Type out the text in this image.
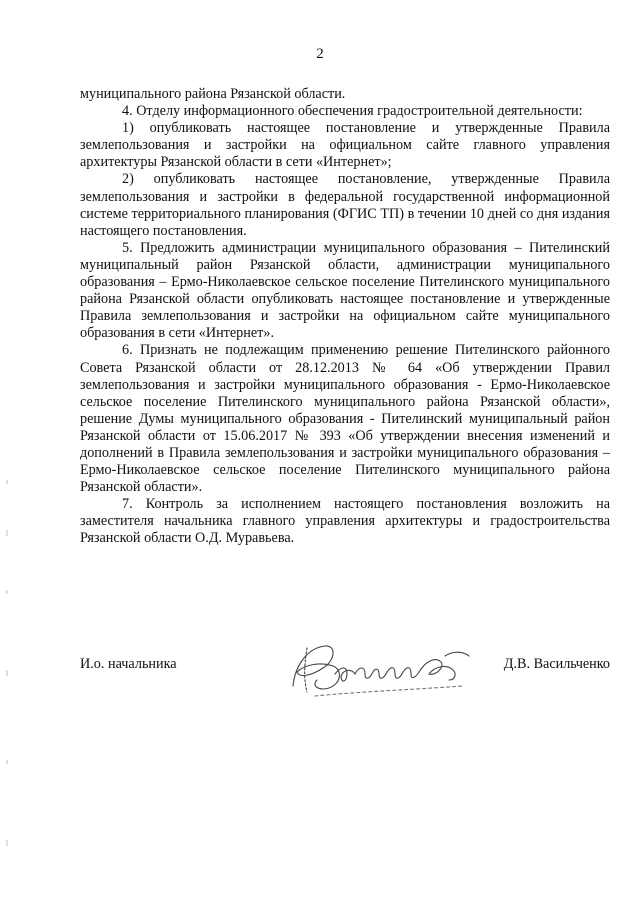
2

муниципального района Рязанской области.

4. Отделу информационного обеспечения градостроительной деятельности:

1) опубликовать настоящее постановление и утвержденные Правила землепользования и застройки на официальном сайте главного управления архитектуры Рязанской области в сети «Интернет»;

2) опубликовать настоящее постановление, утвержденные Правила землепользования и застройки в федеральной государственной информационной системе территориального планирования (ФГИС ТП) в течении 10 дней со дня издания настоящего постановления.

5. Предложить администрации муниципального образования – Пителинский муниципальный район Рязанской области, администрации муниципального образования – Ермо-Николаевское сельское поселение Пителинского муниципального района Рязанской области опубликовать настоящее постановление и утвержденные Правила землепользования и застройки на официальном сайте муниципального образования в сети «Интернет».

6. Признать не подлежащим применению решение Пителинского районного Совета Рязанской области от 28.12.2013 № 64 «Об утверждении Правил землепользования и застройки муниципального образования - Ермо-Николаевское сельское поселение Пителинского муниципального района Рязанской области», решение Думы муниципального образования - Пителинский муниципальный район Рязанской области от 15.06.2017 № 393 «Об утверждении внесения изменений и дополнений в Правила землепользования и застройки муниципального образования – Ермо-Николаевское сельское поселение Пителинского муниципального района Рязанской области».

7. Контроль за исполнением настоящего постановления возложить на заместителя начальника главного управления архитектуры и градостроительства Рязанской области О.Д. Муравьева.

И.о. начальника	Д.В. Васильченко
